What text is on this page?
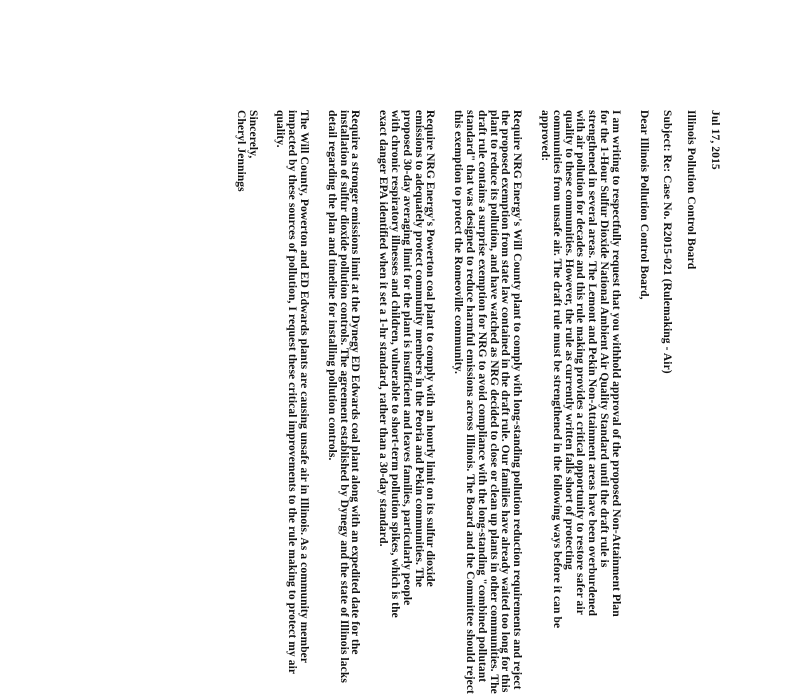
Jul 17, 2015

Illinois Pollution Control Board

Subject: Re: Case No. R2015-021 (Rulemaking - Air)

Dear Illinois Pollution Control Board,

I am writing to respectfully request that you withhold approval of the proposed Non-Attainment Plan for the 1-Hour Sulfur Dioxide National Ambient Air Quality Standard until the draft rule is strengthened in several areas. The Lemont and Pekin Non-Attainment areas have been overburdened with air pollution for decades and this rule making provides a critical opportunity to restore safer air quality to these communities. However, the rule as currently written falls short of protecting communities from unsafe air. The draft rule must be strengthened in the following ways before it can be approved:

Require NRG Energy's Will County plant to comply with long-standing pollution reduction requirements and reject the proposed exemption from state law contained in the draft rule. Our families have already waited too long for this plant to reduce its pollution, and have watched as NRG decided to close or clean up plants in other communities. The draft rule contains a surprise exemption for NRG to avoid compliance with the long-standing "combined pollutant standard" that was designed to reduce harmful emissions across Illinois. The Board and the Committee should reject this exemption to protect the Romeoville community.

Require NRG Energy's Powerton coal plant to comply with an hourly limit on its sulfur dioxide emissions to adequately protect community members in the Peoria and Pekin communities. The proposed 30-day averaging limit for the plant is insufficient and leaves families, particularly people with chronic respiratory illnesses and children, vulnerable to short-term pollution spikes, which is the exact danger EPA identified when it set a 1-hr standard, rather than a 30-day standard.

Require a stronger emissions limit at the Dynegy ED Edwards coal plant along with an expedited date for the installation of sulfur dioxide pollution controls. The agreement established by Dynegy and the state of Illinois lacks detail regarding the plan and timeline for installing pollution controls.

The Will County, Powerton and ED Edwards plants are causing unsafe air in Illinois. As a community member impacted by these sources of pollution, I request these critical improvements to the rule making to protect my air quality.

Sincerely,

Cheryl Jennings
